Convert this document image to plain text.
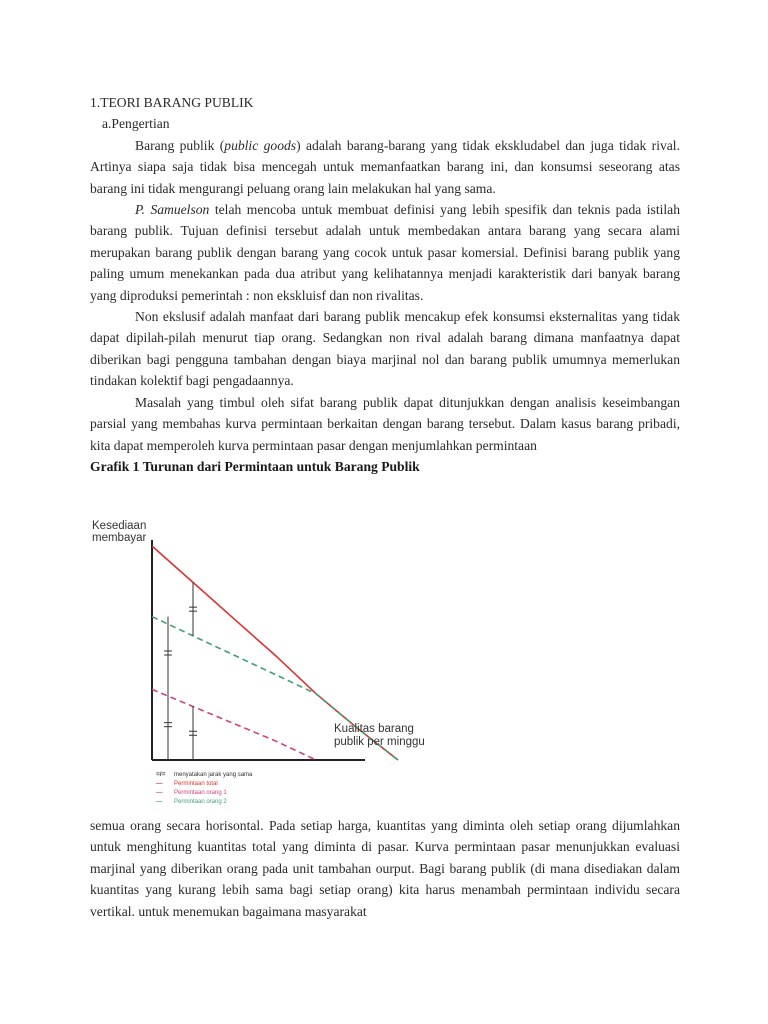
1.TEORI BARANG PUBLIK
a.Pengertian

Barang publik (public goods) adalah barang-barang yang tidak ekskludabel dan juga tidak rival. Artinya siapa saja tidak bisa mencegah untuk memanfaatkan barang ini, dan konsumsi seseorang atas barang ini tidak mengurangi peluang orang lain melakukan hal yang sama.

P. Samuelson telah mencoba untuk membuat definisi yang lebih spesifik dan teknis pada istilah barang publik. Tujuan definisi tersebut adalah untuk membedakan antara barang yang secara alami merupakan barang publik dengan barang yang cocok untuk pasar komersial. Definisi barang publik yang paling umum menekankan pada dua atribut yang kelihatannya menjadi karakteristik dari banyak barang yang diproduksi pemerintah : non ekskluisf dan non rivalitas.

Non ekslusif adalah manfaat dari barang publik mencakup efek konsumsi eksternalitas yang tidak dapat dipilah-pilah menurut tiap orang. Sedangkan non rival adalah barang dimana manfaatnya dapat diberikan bagi pengguna tambahan dengan biaya marjinal nol dan barang publik umumnya memerlukan tindakan kolektif bagi pengadaannya.

Masalah yang timbul oleh sifat barang publik dapat ditunjukkan dengan analisis keseimbangan parsial yang membahas kurva permintaan berkaitan dengan barang tersebut. Dalam kasus barang pribadi, kita dapat memperoleh kurva permintaan pasar dengan menjumlahkan permintaan

Grafik 1 Turunan dari Permintaan untuk Barang Publik
Kesediaan
membayar
Kualitas barang
publik per minggu
=/= menyatakan jarak yang sama
— Permintaan total
— Permintaan orang 1
— Permintaan orang 2

semua orang secara horisontal. Pada setiap harga, kuantitas yang diminta oleh setiap orang dijumlahkan untuk menghitung kuantitas total yang diminta di pasar. Kurva permintaan pasar menunjukkan evaluasi marjinal yang diberikan orang pada unit tambahan ourput. Bagi barang publik (di mana disediakan dalam kuantitas yang kurang lebih sama bagi setiap orang) kita harus menambah permintaan individu secara vertikal. untuk menemukan bagaimana masyarakat
